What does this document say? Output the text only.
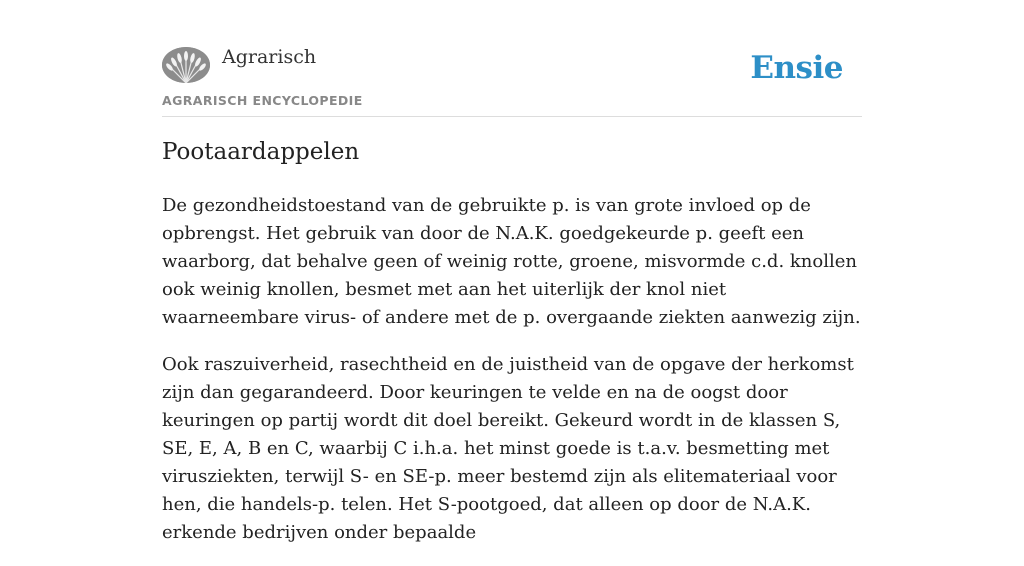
Agrarisch
AGRARISCH ENCYCLOPEDIE
Ensie
Pootaardappelen

De gezondheidstoestand van de gebruikte p. is van grote invloed op de opbrengst. Het gebruik van door de N.A.K. goedgekeurde p. geeft een waarborg, dat behalve geen of weinig rotte, groene, misvormde c.d. knollen ook weinig knollen, besmet met aan het uiterlijk der knol niet waarneembare virus- of andere met de p. overgaande ziekten aanwezig zijn.

Ook raszuiverheid, rasechtheid en de juistheid van de opgave der herkomst zijn dan gegarandeerd. Door keuringen te velde en na de oogst door keuringen op partij wordt dit doel bereikt. Gekeurd wordt in de klassen S, SE, E, A, B en C, waarbij C i.h.a. het minst goede is t.a.v. besmetting met virusziekten, terwijl S- en SE-p. meer bestemd zijn als elitemateriaal voor hen, die handels-p. telen. Het S-pootgoed, dat alleen op door de N.A.K. erkende bedrijven onder bepaalde
